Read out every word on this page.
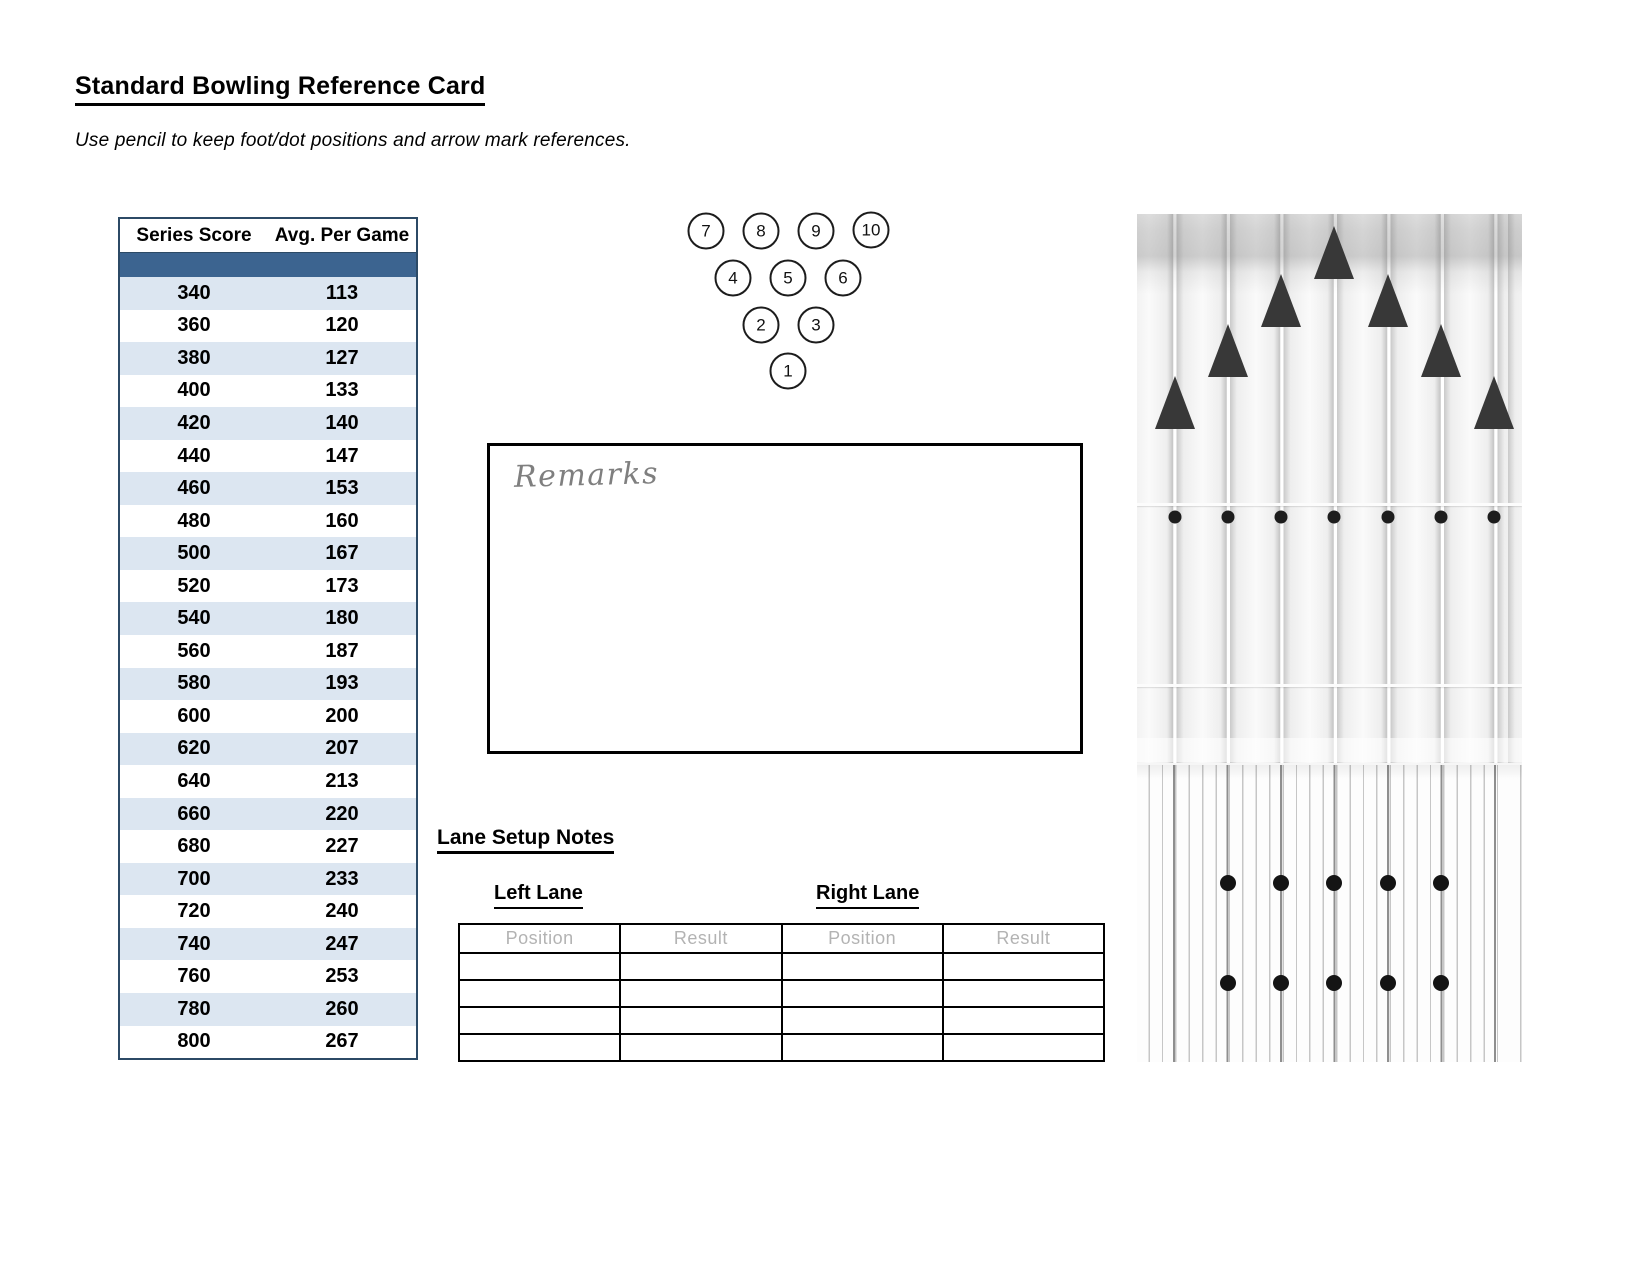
Standard Bowling Reference Card
Use pencil to keep foot/dot positions and arrow mark references.
Series Score	Avg. Per Game
340	113
360	120
380	127
400	133
420	140
440	147
460	153
480	160
500	167
520	173
540	180
560	187
580	193
600	200
620	207
640	213
660	220
680	227
700	233
720	240
740	247
760	253
780	260
800	267
7	8	9	10
4	5	6
2	3
1
Remarks
Lane Setup Notes
Left Lane	Right Lane
Position	Result	Position	Result
